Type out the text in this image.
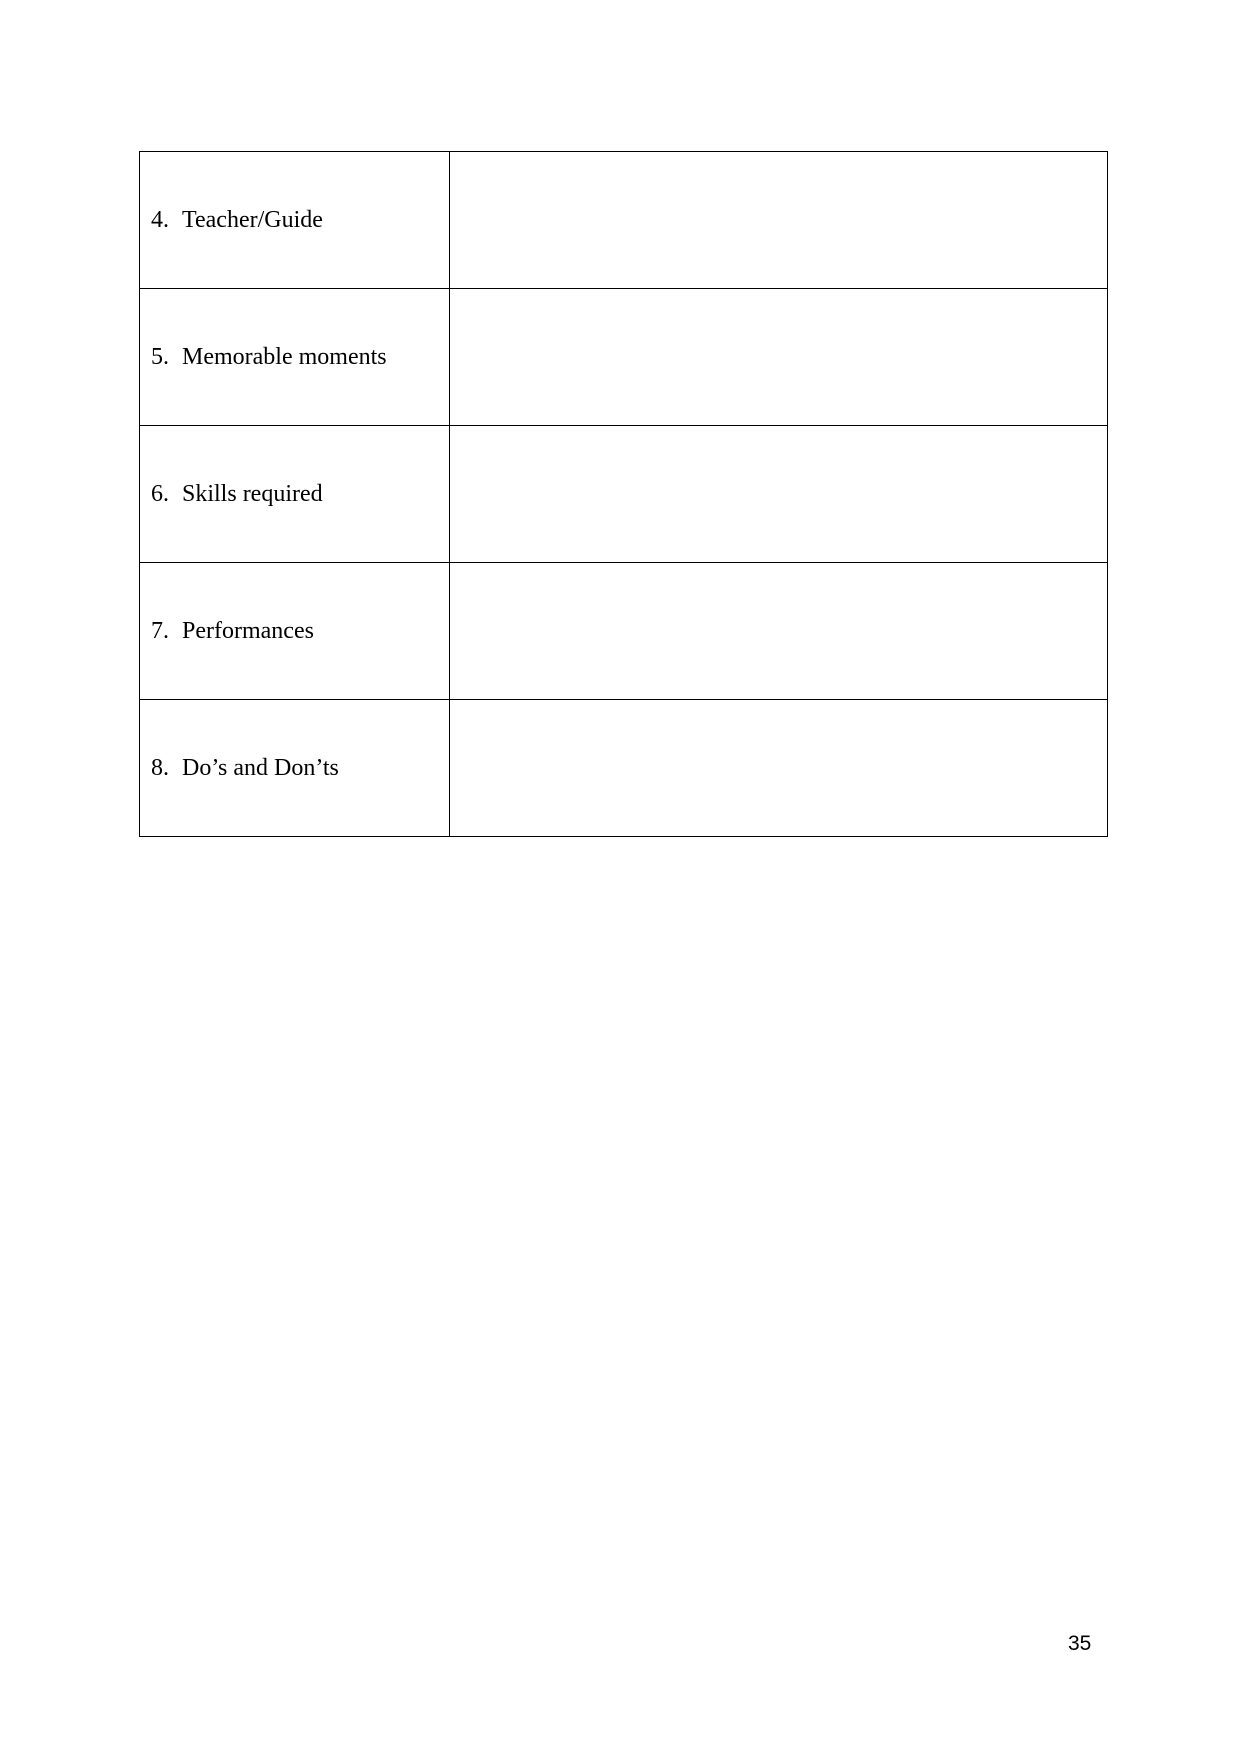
4. Teacher/Guide	

5. Memorable moments	

6. Skills required	

7. Performances	

8. Do’s and Don’ts	

35
